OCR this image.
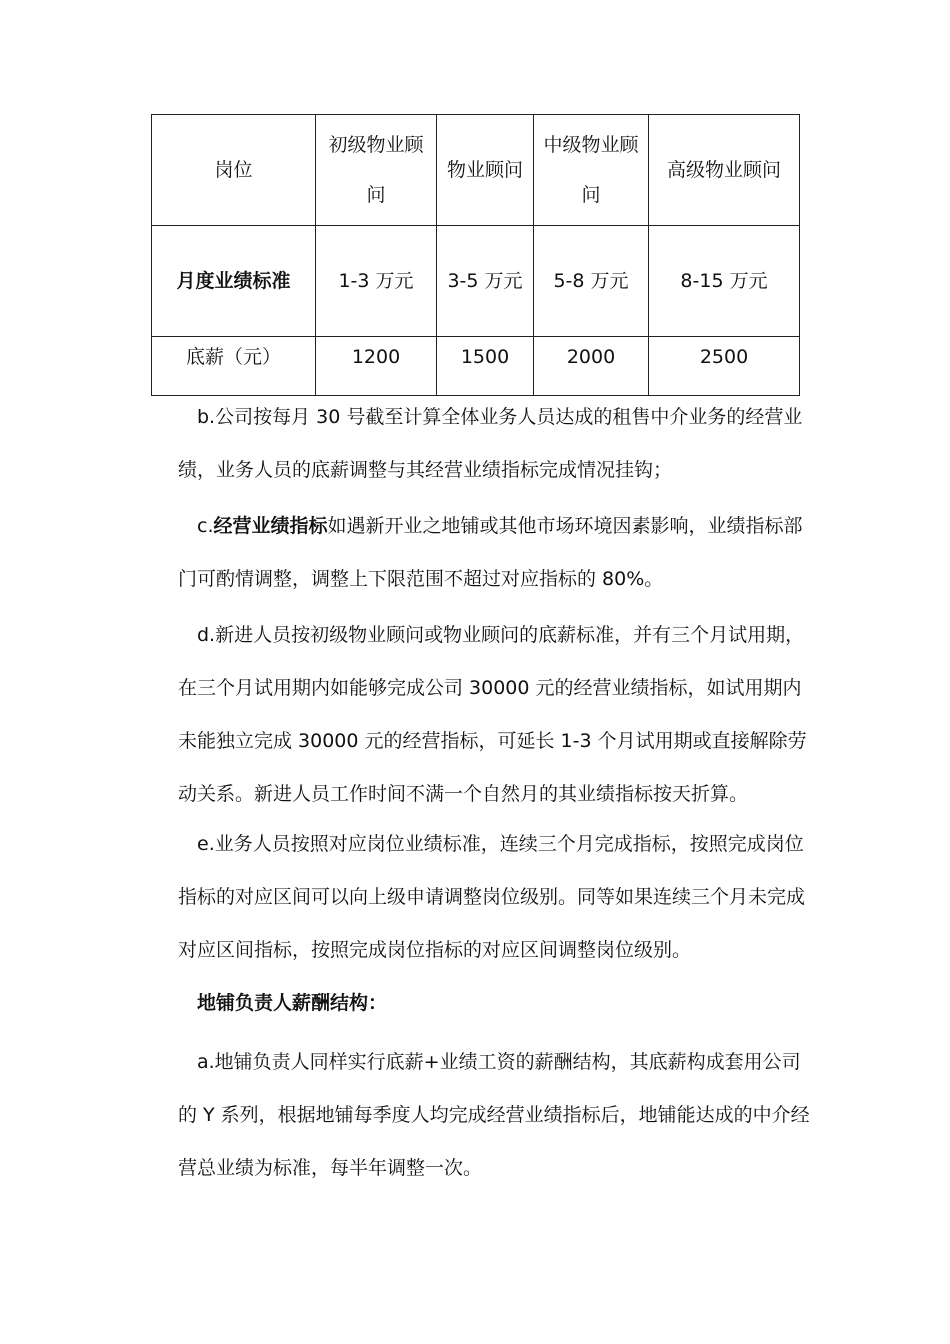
岗位	初级物业顾问	物业顾问	中级物业顾问	高级物业顾问
月度业绩标准	1-3 万元	3-5 万元	5-8 万元	8-15 万元
底薪（元）	1200	1500	2000	2500

b.公司按每月 30 号截至计算全体业务人员达成的租售中介业务的经营业绩，业务人员的底薪调整与其经营业绩指标完成情况挂钩；

c.经营业绩指标如遇新开业之地铺或其他市场环境因素影响，业绩指标部门可酌情调整，调整上下限范围不超过对应指标的 80%。

d.新进人员按初级物业顾问或物业顾问的底薪标准，并有三个月试用期，在三个月试用期内如能够完成公司 30000 元的经营业绩指标，如试用期内未能独立完成 30000 元的经营指标，可延长 1-3 个月试用期或直接解除劳动关系。新进人员工作时间不满一个自然月的其业绩指标按天折算。

e.业务人员按照对应岗位业绩标准，连续三个月完成指标，按照完成岗位指标的对应区间可以向上级申请调整岗位级别。同等如果连续三个月未完成对应区间指标，按照完成岗位指标的对应区间调整岗位级别。

地铺负责人薪酬结构：

a.地铺负责人同样实行底薪+业绩工资的薪酬结构，其底薪构成套用公司的 Y 系列，根据地铺每季度人均完成经营业绩指标后，地铺能达成的中介经营总业绩为标准，每半年调整一次。
